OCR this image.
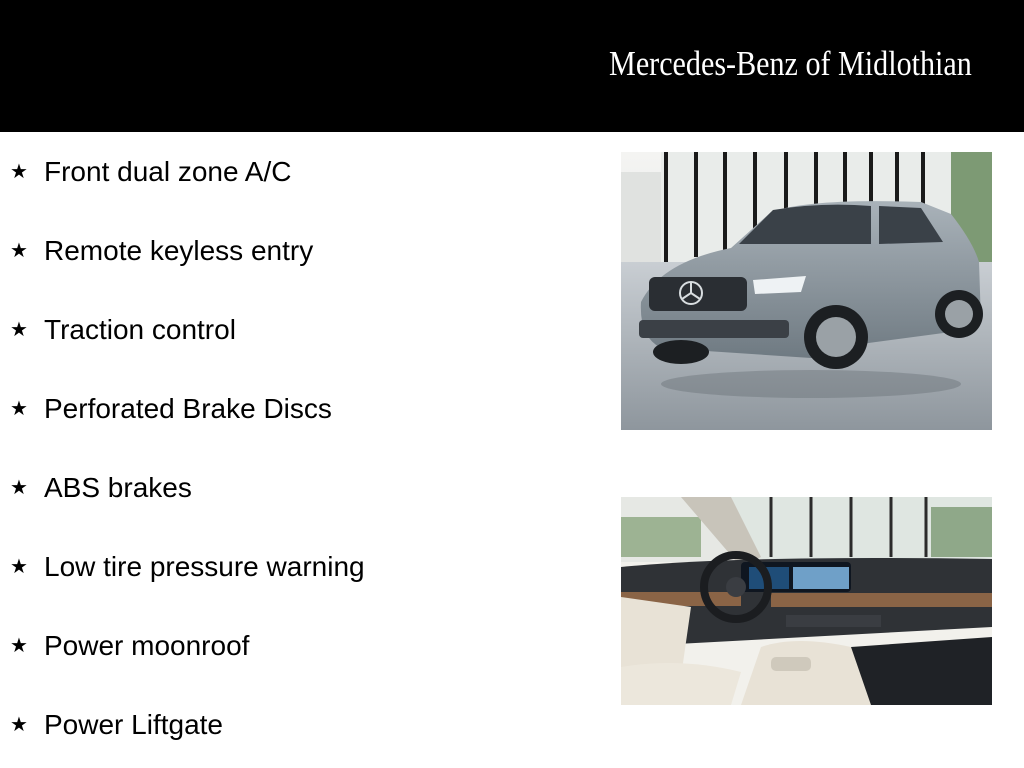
Mercedes-Benz of Midlothian
★ Front dual zone A/C
★ Remote keyless entry
★ Traction control
★ Perforated Brake Discs
★ ABS brakes
★ Low tire pressure warning
★ Power moonroof
★ Power Liftgate
